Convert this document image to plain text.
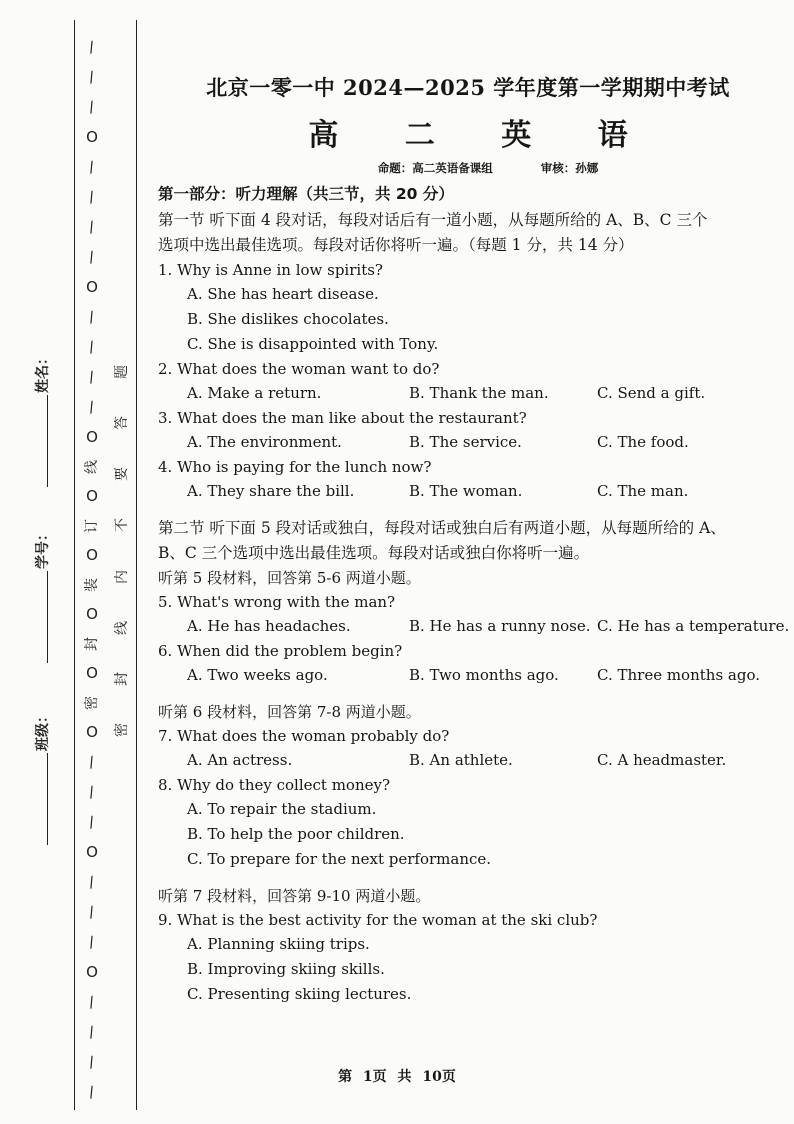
/
/
/
O
/
/
/
/
O
/
/
/
/
O
线
O
订
O
装
O
封
O
密
O
/
/
/
O
/
/
/
O
/
/
/
/
题
答
要
不
内
线
封
密
姓名：
学号：
班级：
北京一零一中 2024—2025 学年度第一学期期中考试
高 二 英 语
命题：高二英语备课组	审核：孙娜
第一部分：听力理解（共三节，共 20 分）

第一节 听下面 4 段对话，每段对话后有一道小题，从每题所给的 A、B、C 三个
选项中选出最佳选项。每段对话你将听一遍。（每题 1 分，共 14 分）

1. Why is Anne in low spirits?
A. She has heart disease.
B. She dislikes chocolates.
C. She is disappointed with Tony.
2. What does the woman want to do?
A. Make a return.	B. Thank the man.	C. Send a gift.
3. What does the man like about the restaurant?
A. The environment.	B. The service.	C. The food.
4. Who is paying for the lunch now?
A. They share the bill.	B. The woman.	C. The man.

第二节 听下面 5 段对话或独白，每段对话或独白后有两道小题，从每题所给的 A、
B、C 三个选项中选出最佳选项。每段对话或独白你将听一遍。

听第 5 段材料，回答第 5-6 两道小题。
5. What's wrong with the man?
A. He has headaches.	B. He has a runny nose. C. He has a temperature.
6. When did the problem begin?
A. Two weeks ago.	B. Two months ago.	C. Three months ago.
听第 6 段材料，回答第 7-8 两道小题。
7. What does the woman probably do?
A. An actress.	B. An athlete.	C. A headmaster.
8. Why do they collect money?
A. To repair the stadium.
B. To help the poor children.
C. To prepare for the next performance.
听第 7 段材料，回答第 9-10 两道小题。
9. What is the best activity for the woman at the ski club?
A. Planning skiing trips.
B. Improving skiing skills.
C. Presenting skiing lectures.
第 1页 共 10页
